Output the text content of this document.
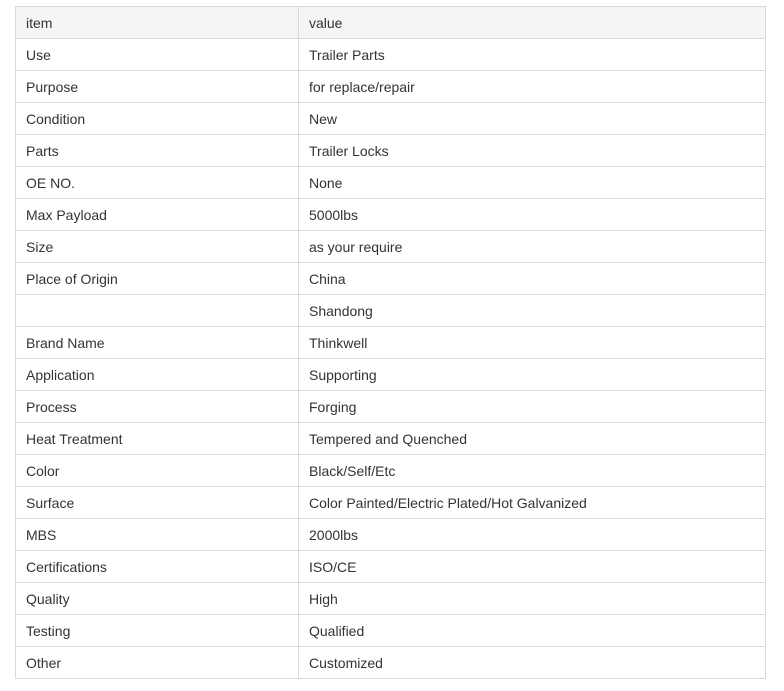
item	value
Use	Trailer Parts
Purpose	for replace/repair
Condition	New
Parts	Trailer Locks
OE NO.	None
Max Payload	5000lbs
Size	as your require
Place of Origin	China
	Shandong
Brand Name	Thinkwell
Application	Supporting
Process	Forging
Heat Treatment	Tempered and Quenched
Color	Black/Self/Etc
Surface	Color Painted/Electric Plated/Hot Galvanized
MBS	2000lbs
Certifications	ISO/CE
Quality	High
Testing	Qualified
Other	Customized
